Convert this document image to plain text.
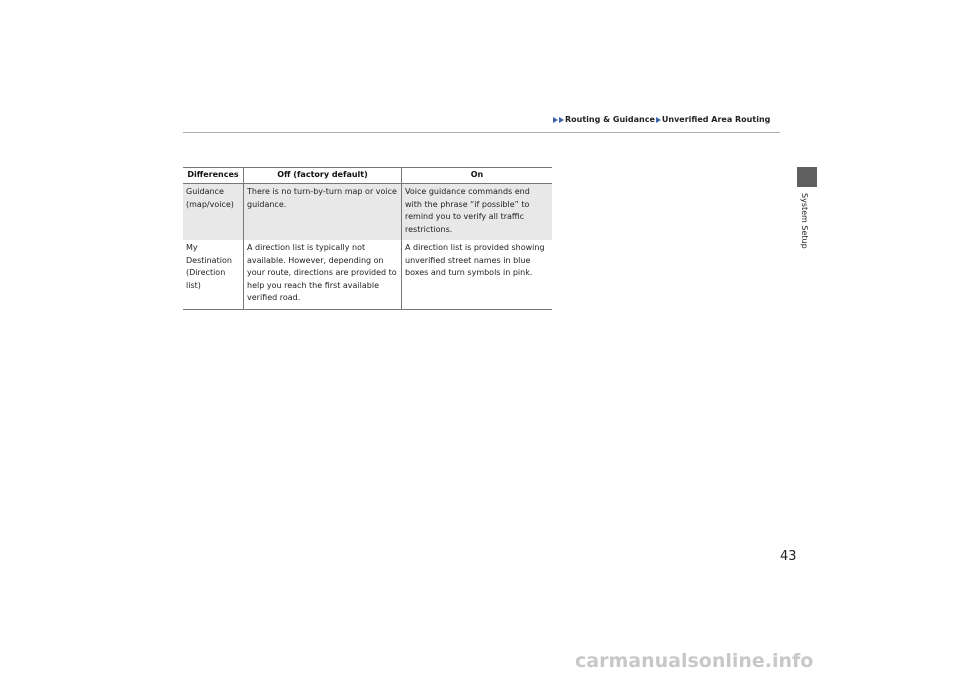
Routing & Guidance Unverified Area Routing
System Setup
Differences	Off (factory default)	On
Guidance (map/voice)	There is no turn-by-turn map or voice guidance.	Voice guidance commands end with the phrase “if possible” to remind you to verify all traffic restrictions.
My Destination (Direction list)	A direction list is typically not available. However, depending on your route, directions are provided to help you reach the first available verified road.	A direction list is provided showing unverified street names in blue boxes and turn symbols in pink.
43
carmanualsonline.info
